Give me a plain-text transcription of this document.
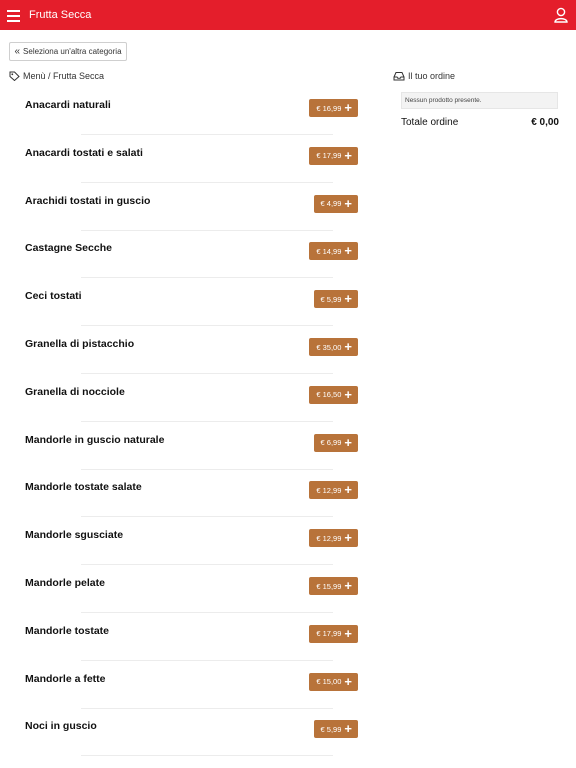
Frutta Secca
« Seleziona un'altra categoria
Menù / Frutta Secca
Anacardi naturali	€ 16,99 +
Anacardi tostati e salati	€ 17,99 +
Arachidi tostati in guscio	€ 4,99 +
Castagne Secche	€ 14,99 +
Ceci tostati	€ 5,99 +
Granella di pistacchio	€ 35,00 +
Granella di nocciole	€ 16,50 +
Mandorle in guscio naturale	€ 6,99 +
Mandorle tostate salate	€ 12,99 +
Mandorle sgusciate	€ 12,99 +
Mandorle pelate	€ 15,99 +
Mandorle tostate	€ 17,99 +
Mandorle a fette	€ 15,00 +
Noci in guscio	€ 5,99 +
Il tuo ordine
Nessun prodotto presente.
Totale ordine	€ 0,00
